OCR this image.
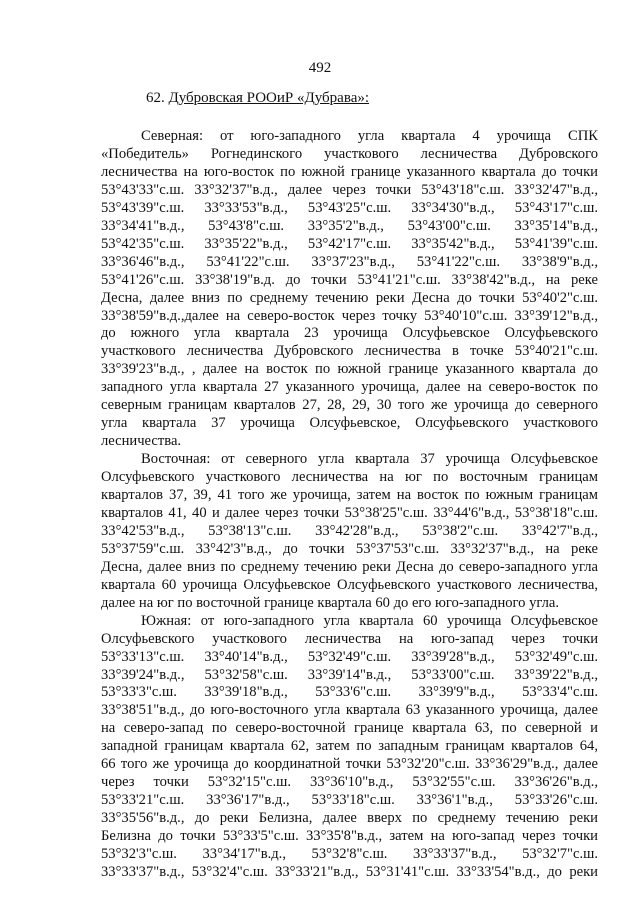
492
62. Дубровская РООиР «Дубрава»:
Северная: от юго-западного угла квартала 4 урочища СПК
«Победитель» Рогнединского участкового лесничества Дубровского
лесничества на юго-восток по южной границе указанного квартала до точки
53°43'33"с.ш. 33°32'37"в.д., далее через точки 53°43'18"с.ш. 33°32'47"в.д.,
53°43'39"с.ш. 33°33'53"в.д., 53°43'25"с.ш. 33°34'30"в.д., 53°43'17"с.ш.
33°34'41"в.д., 53°43'8"с.ш. 33°35'2"в.д., 53°43'00"с.ш. 33°35'14"в.д.,
53°42'35"с.ш. 33°35'22"в.д., 53°42'17"с.ш. 33°35'42"в.д., 53°41'39"с.ш.
33°36'46"в.д., 53°41'22"с.ш. 33°37'23"в.д., 53°41'22"с.ш. 33°38'9"в.д.,
53°41'26"с.ш. 33°38'19"в.д. до точки 53°41'21"с.ш. 33°38'42"в.д., на реке
Десна, далее вниз по среднему течению реки Десна до точки 53°40'2"с.ш.
33°38'59"в.д.,далее на северо-восток через точку 53°40'10"с.ш. 33°39'12"в.д.,
до южного угла квартала 23 урочища Олсуфьевское Олсуфьевского
участкового лесничества Дубровского лесничества в точке 53°40'21"с.ш.
33°39'23"в.д., , далее на восток по южной границе указанного квартала до
западного угла квартала 27 указанного урочища, далее на северо-восток по
северным границам кварталов 27, 28, 29, 30 того же урочища до северного
угла квартала 37 урочища Олсуфьевское, Олсуфьевского участкового
лесничества.
Восточная: от северного угла квартала 37 урочища Олсуфьевское
Олсуфьевского участкового лесничества на юг по восточным границам
кварталов 37, 39, 41 того же урочища, затем на восток по южным границам
кварталов 41, 40 и далее через точки 53°38'25"с.ш. 33°44'6"в.д., 53°38'18"с.ш.
33°42'53"в.д., 53°38'13"с.ш. 33°42'28"в.д., 53°38'2"с.ш. 33°42'7"в.д.,
53°37'59"с.ш. 33°42'3"в.д., до точки 53°37'53"с.ш. 33°32'37"в.д., на реке
Десна, далее вниз по среднему течению реки Десна до северо-западного угла
квартала 60 урочища Олсуфьевское Олсуфьевского участкового лесничества,
далее на юг по восточной границе квартала 60 до его юго-западного угла.
Южная: от юго-западного угла квартала 60 урочища Олсуфьевское
Олсуфьевского участкового лесничества на юго-запад через точки
53°33'13"с.ш. 33°40'14"в.д., 53°32'49"с.ш. 33°39'28"в.д., 53°32'49"с.ш.
33°39'24"в.д., 53°32'58"с.ш. 33°39'14"в.д., 53°33'00"с.ш. 33°39'22"в.д.,
53°33'3"с.ш. 33°39'18"в.д., 53°33'6"с.ш. 33°39'9"в.д., 53°33'4"с.ш.
33°38'51"в.д., до юго-восточного угла квартала 63 указанного урочища, далее
на северо-запад по северо-восточной границе квартала 63, по северной и
западной границам квартала 62, затем по западным границам кварталов 64,
66 того же урочища до координатной точки 53°32'20"с.ш. 33°36'29"в.д., далее
через точки 53°32'15"с.ш. 33°36'10"в.д., 53°32'55"с.ш. 33°36'26"в.д.,
53°33'21"с.ш. 33°36'17"в.д., 53°33'18"с.ш. 33°36'1"в.д., 53°33'26"с.ш.
33°35'56"в.д., до реки Белизна, далее вверх по среднему течению реки
Белизна до точки 53°33'5"с.ш. 33°35'8"в.д., затем на юго-запад через точки
53°32'3"с.ш. 33°34'17"в.д., 53°32'8"с.ш. 33°33'37"в.д., 53°32'7"с.ш.
33°33'37"в.д., 53°32'4"с.ш. 33°33'21"в.д., 53°31'41"с.ш. 33°33'54"в.д., до реки
